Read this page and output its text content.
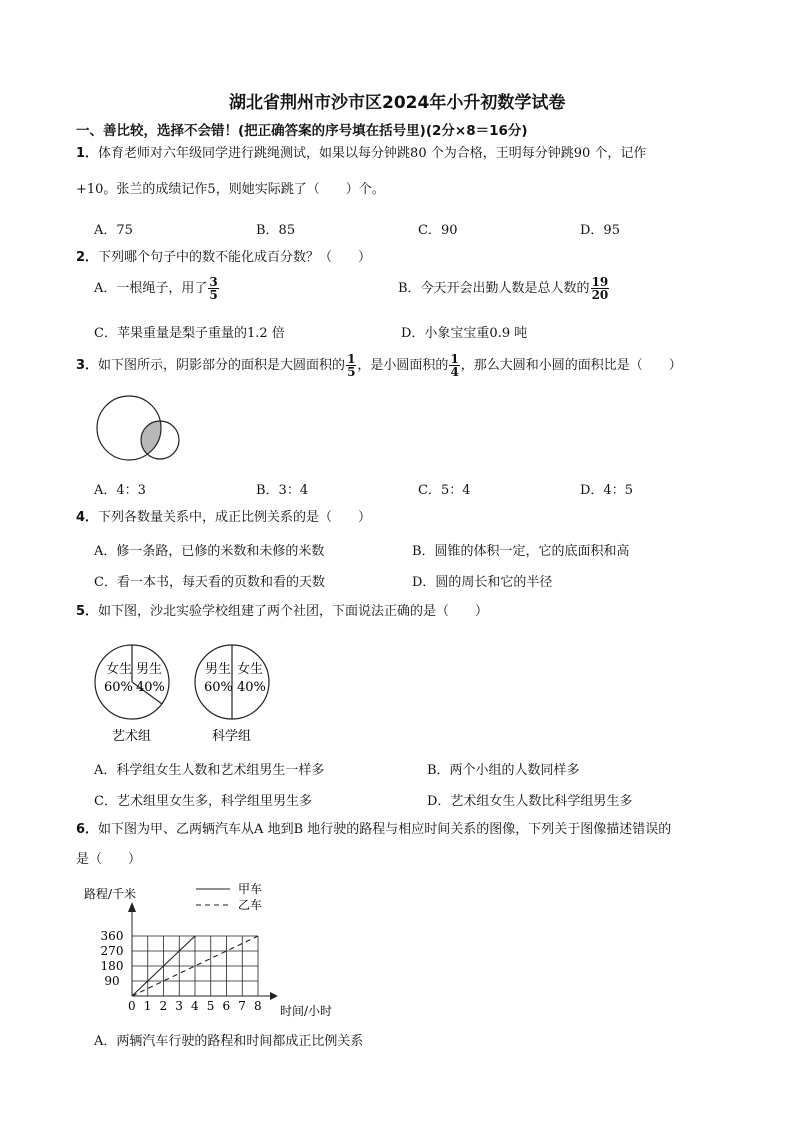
湖北省荆州市沙市区2024年小升初数学试卷
一、善比较，选择不会错！(把正确答案的序号填在括号里)(2分×8＝16分)
1．体育老师对六年级同学进行跳绳测试，如果以每分钟跳80 个为合格，王明每分钟跳90 个，记作
+10。张兰的成绩记作5，则她实际跳了（　　）个。
A．75	B．85	C．90	D．95
2．下列哪个句子中的数不能化成百分数？（　　）
A．一根绳子，用了 $\frac{3}{5}$	B．今天开会出勤人数是总人数的 $\frac{19}{20}$
C．苹果重量是梨子重量的1.2 倍	D．小象宝宝重0.9 吨
3．如下图所示，阴影部分的面积是大圆面积的 $\frac{1}{5}$ ，是小圆面积的 $\frac{1}{4}$ ，那么大圆和小圆的面积比是（　　）
A．4：3	B．3：4	C．5：4	D．4：5
4．下列各数量关系中，成正比例关系的是（　　）
A．修一条路，已修的米数和未修的米数	B．圆锥的体积一定，它的底面积和高
C．看一本书，每天看的页数和看的天数	D．圆的周长和它的半径
5．如下图，沙北实验学校组建了两个社团，下面说法正确的是（　　）
女生
60%
男生
40%
艺术组
男生
60%
女生
40%
科学组
A．科学组女生人数和艺术组男生一样多	B．两个小组的人数同样多
C．艺术组里女生多，科学组里男生多	D．艺术组女生人数比科学组男生多
6．如下图为甲、乙两辆汽车从A 地到B 地行驶的路程与相应时间关系的图像，下列关于图像描述错误的
是（　　）
路程/千米
时间/小时
0 1 2 3 4 5 6 7 8
90
180
270
360
甲车
乙车
A．两辆汽车行驶的路程和时间都成正比例关系
